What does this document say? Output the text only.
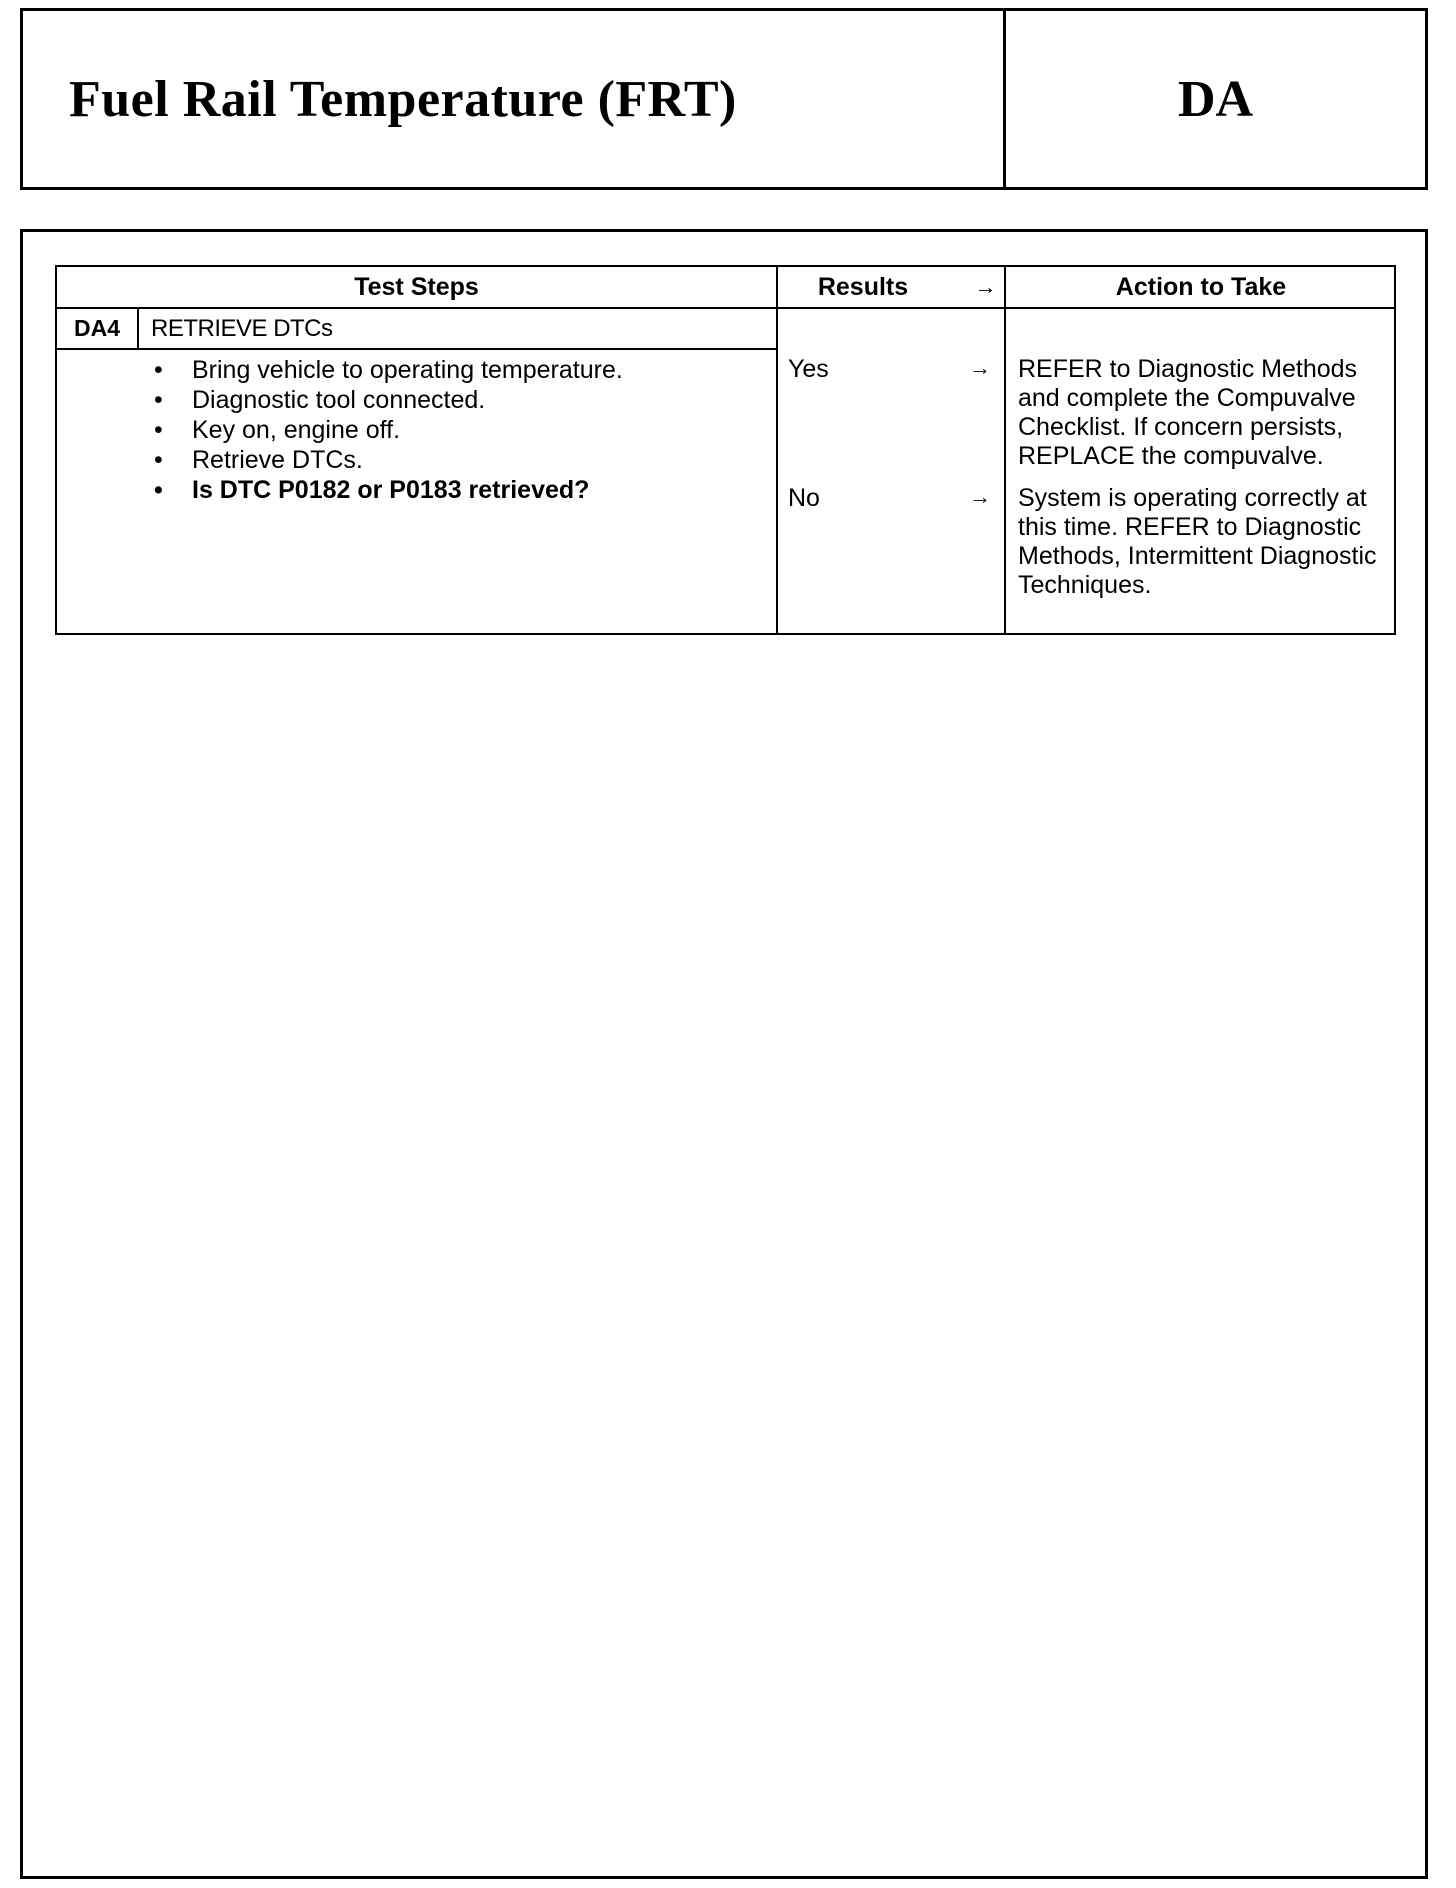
Fuel Rail Temperature (FRT)	DA
Test Steps	Results	→	Action to Take
DA4	RETRIEVE DTCs
• Bring vehicle to operating temperature.
• Diagnostic tool connected.
• Key on, engine off.
• Retrieve DTCs.
• Is DTC P0182 or P0183 retrieved?
Yes	→ REFER to Diagnostic Methods and complete the Compuvalve Checklist. If concern persists, REPLACE the compuvalve.
No	→ System is operating correctly at this time. REFER to Diagnostic Methods, Intermittent Diagnostic Techniques.
